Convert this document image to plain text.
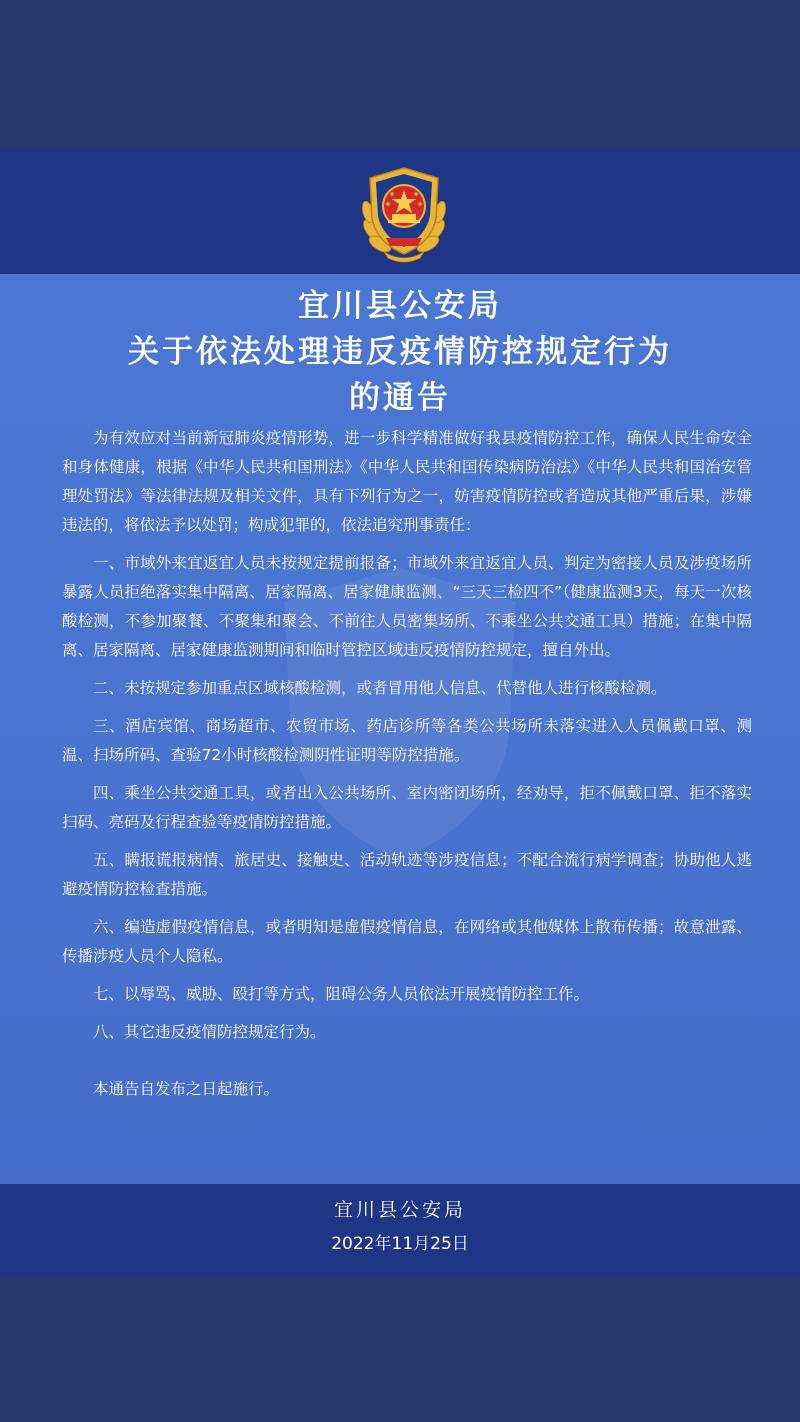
宜川县公安局
关于依法处理违反疫情防控规定行为
的通告

为有效应对当前新冠肺炎疫情形势，进一步科学精准做好我县疫情防控工作，确保人民生命安全和身体健康，根据《中华人民共和国刑法》《中华人民共和国传染病防治法》《中华人民共和国治安管理处罚法》等法律法规及相关文件，具有下列行为之一，妨害疫情防控或者造成其他严重后果，涉嫌违法的，将依法予以处罚；构成犯罪的，依法追究刑事责任：

一、市域外来宜返宜人员未按规定提前报备；市域外来宜返宜人员、判定为密接人员及涉疫场所暴露人员拒绝落实集中隔离、居家隔离、居家健康监测、“三天三检四不”（健康监测3天，每天一次核酸检测，不参加聚餐、不聚集和聚会、不前往人员密集场所、不乘坐公共交通工具）措施；在集中隔离、居家隔离、居家健康监测期间和临时管控区域违反疫情防控规定，擅自外出。

二、未按规定参加重点区域核酸检测，或者冒用他人信息、代替他人进行核酸检测。

三、酒店宾馆、商场超市、农贸市场、药店诊所等各类公共场所未落实进入人员佩戴口罩、测温、扫场所码、查验72小时核酸检测阴性证明等防控措施。

四、乘坐公共交通工具，或者出入公共场所、室内密闭场所，经劝导，拒不佩戴口罩、拒不落实扫码、亮码及行程查验等疫情防控措施。

五、瞒报谎报病情、旅居史、接触史、活动轨迹等涉疫信息；不配合流行病学调查；协助他人逃避疫情防控检查措施。

六、编造虚假疫情信息，或者明知是虚假疫情信息，在网络或其他媒体上散布传播；故意泄露、传播涉疫人员个人隐私。

七、以辱骂、威胁、殴打等方式，阻碍公务人员依法开展疫情防控工作。

八、其它违反疫情防控规定行为。

本通告自发布之日起施行。

宜川县公安局
2022年11月25日
